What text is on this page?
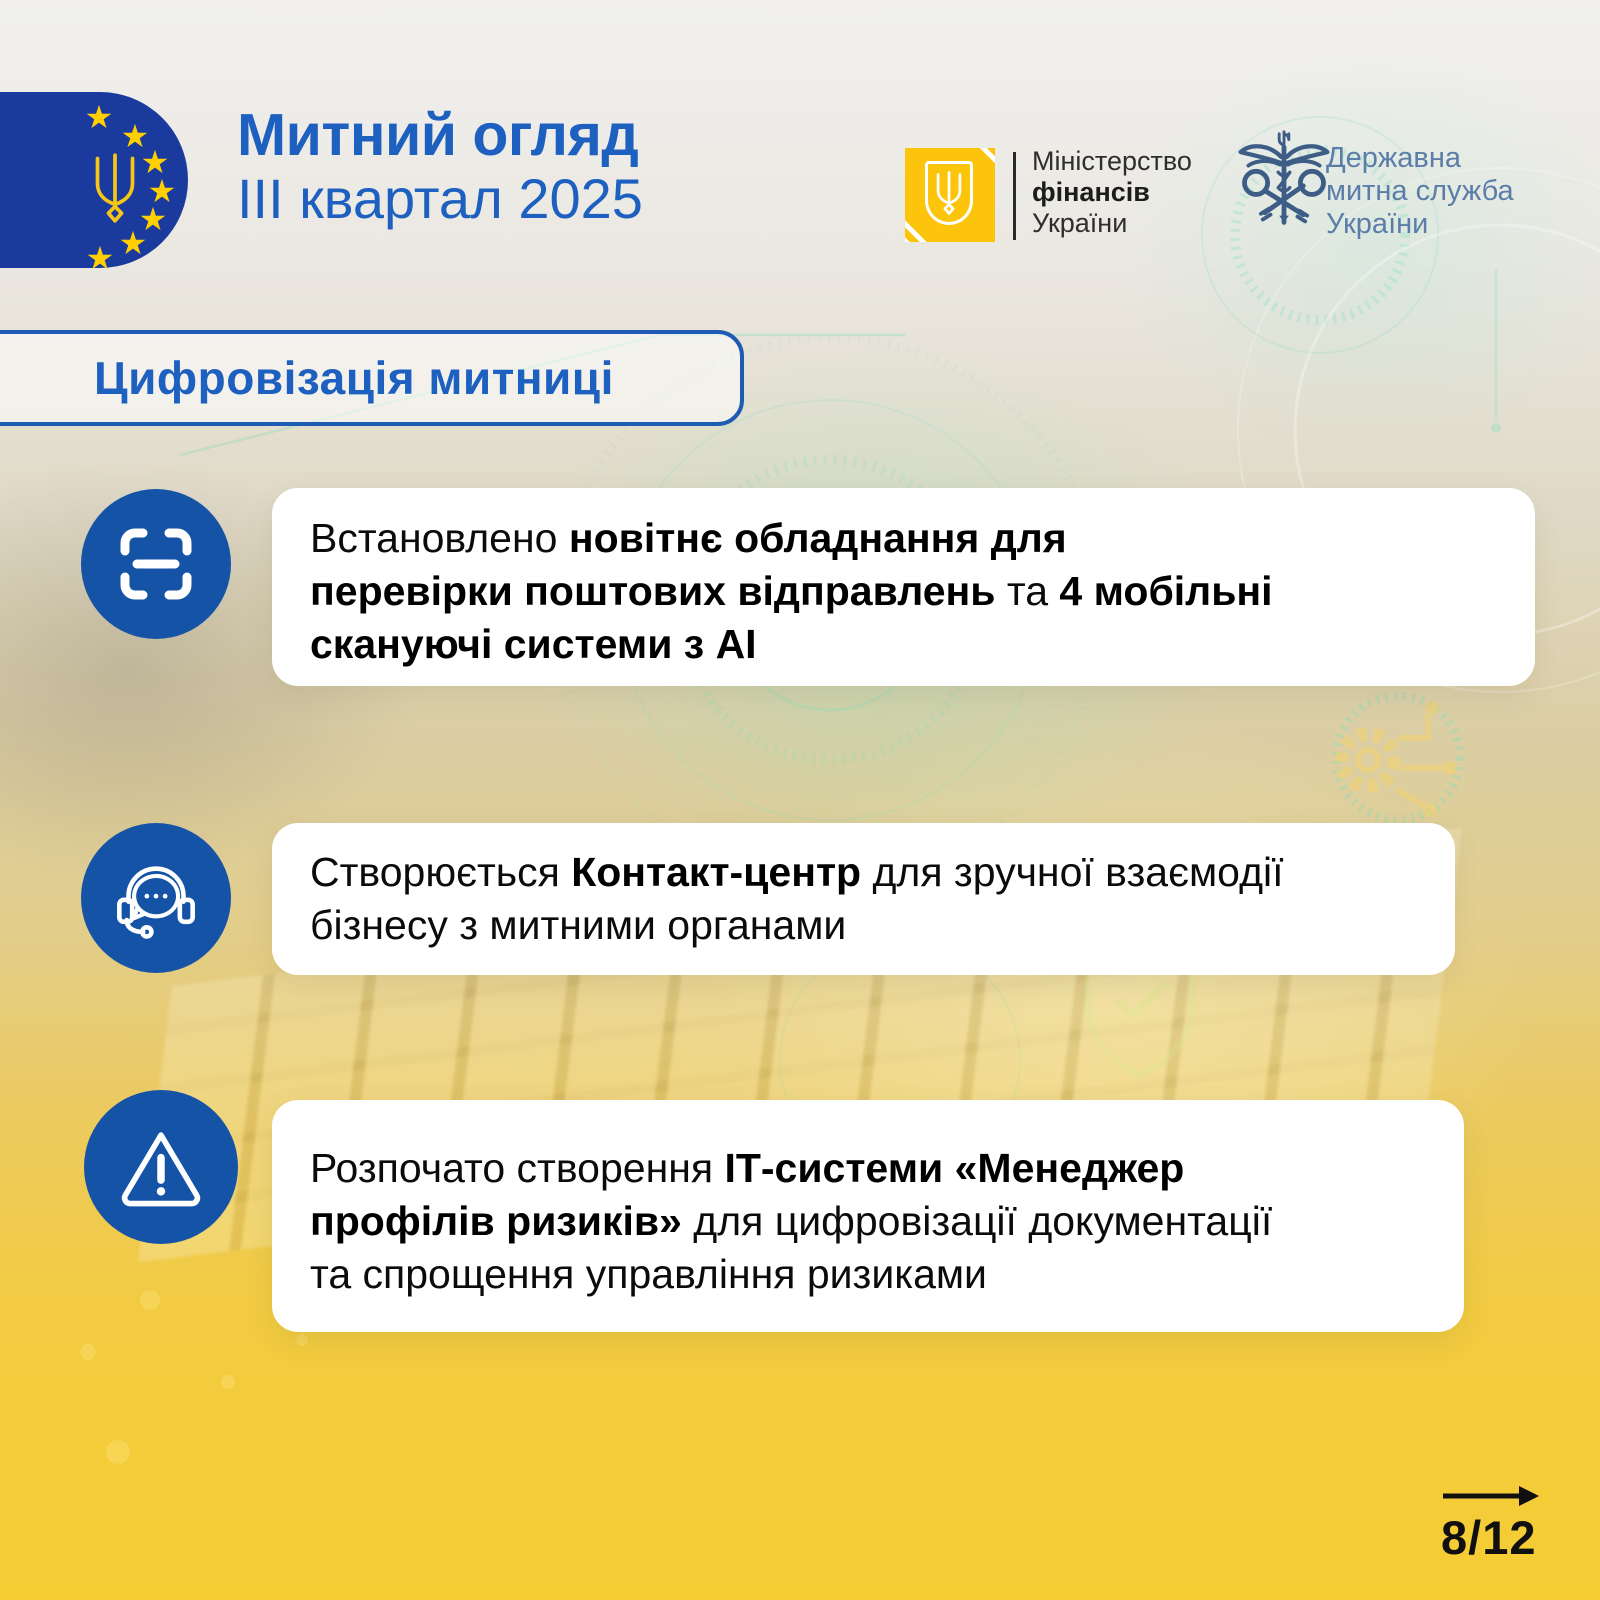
★
★
★
★
★
★
★
Митний огляд
III квартал 2025
Міністерство
фінансів
України
Державна
митна служба
України
Цифровізація митниці
Встановлено новітнє обладнання для
перевірки поштових відправлень та 4 мобільні
скануючі системи з АІ
Створюється Контакт-центр для зручної взаємодії
бізнесу з митними органами
Розпочато створення ІТ-системи «Менеджер
профілів ризиків» для цифровізації документації
та спрощення управління ризиками
8/12
